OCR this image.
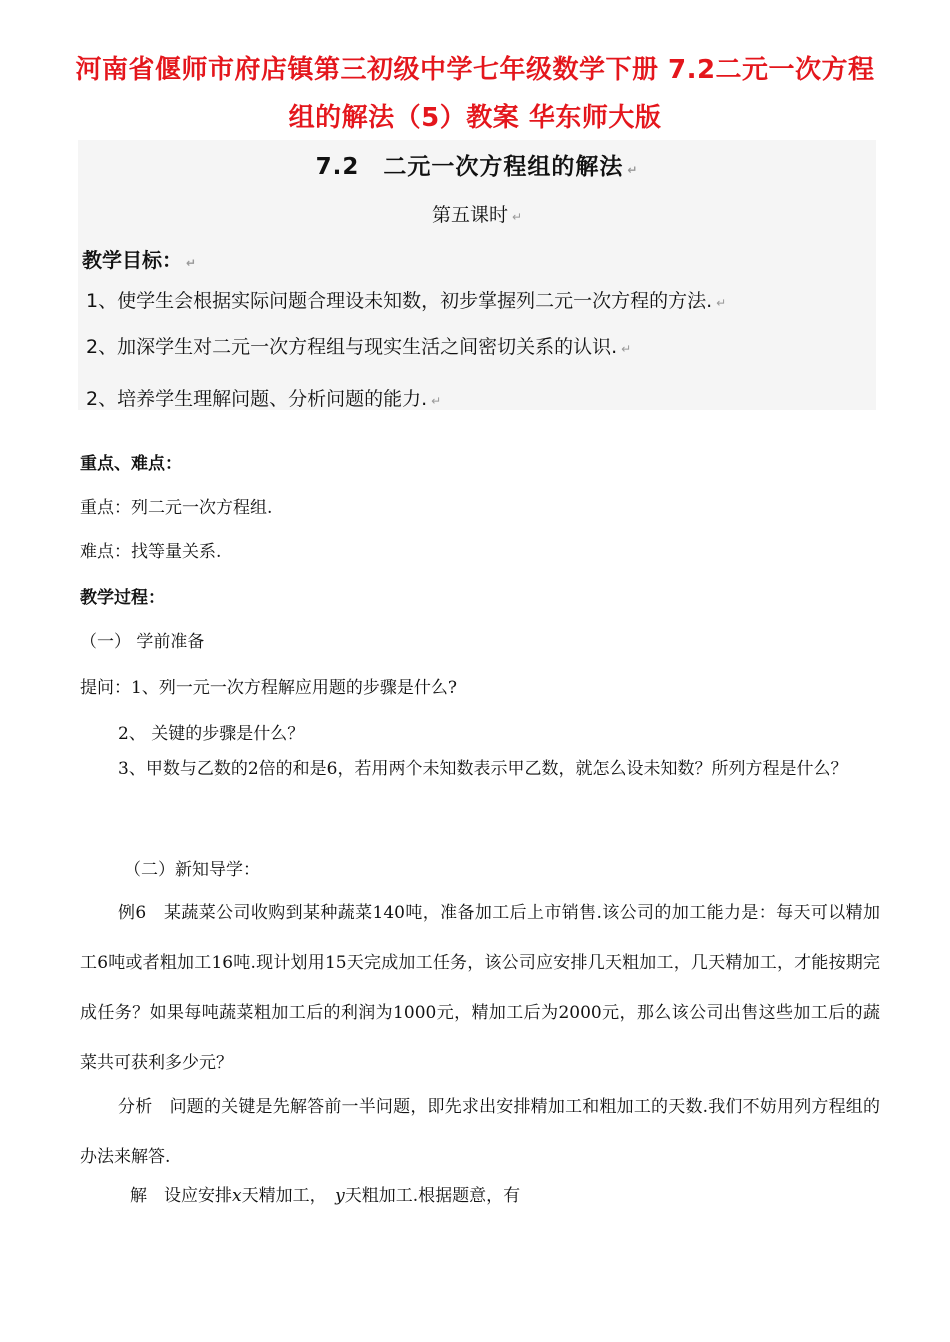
河南省偃师市府店镇第三初级中学七年级数学下册 7.2二元一次方程组的解法（5）教案 华东师大版
7.2　二元一次方程组的解法 ↵
第五课时 ↵
教学目标： ↵
1、使学生会根据实际问题合理设未知数，初步掌握列二元一次方程的方法. ↵
2、加深学生对二元一次方程组与现实生活之间密切关系的认识. ↵
2、培养学生理解问题、分析问题的能力. ↵
重点、难点：
重点：列二元一次方程组.
难点：找等量关系.
教学过程：
（一） 学前准备
提问：1、列一元一次方程解应用题的步骤是什么?
2、 关键的步骤是什么？
3、甲数与乙数的2倍的和是6，若用两个未知数表示甲乙数，就怎么设未知数？所列方程是什么？
（二）新知导学：
例6　某蔬菜公司收购到某种蔬菜140吨，准备加工后上市销售.该公司的加工能力是：每天可以精加工6吨或者粗加工16吨.现计划用15天完成加工任务，该公司应安排几天粗加工，几天精加工，才能按期完成任务？如果每吨蔬菜粗加工后的利润为1000元，精加工后为2000元，那么该公司出售这些加工后的蔬菜共可获利多少元？
分析　问题的关键是先解答前一半问题，即先求出安排精加工和粗加工的天数.我们不妨用列方程组的办法来解答.
解　设应安排x天精加工，　y天粗加工.根据题意，有
